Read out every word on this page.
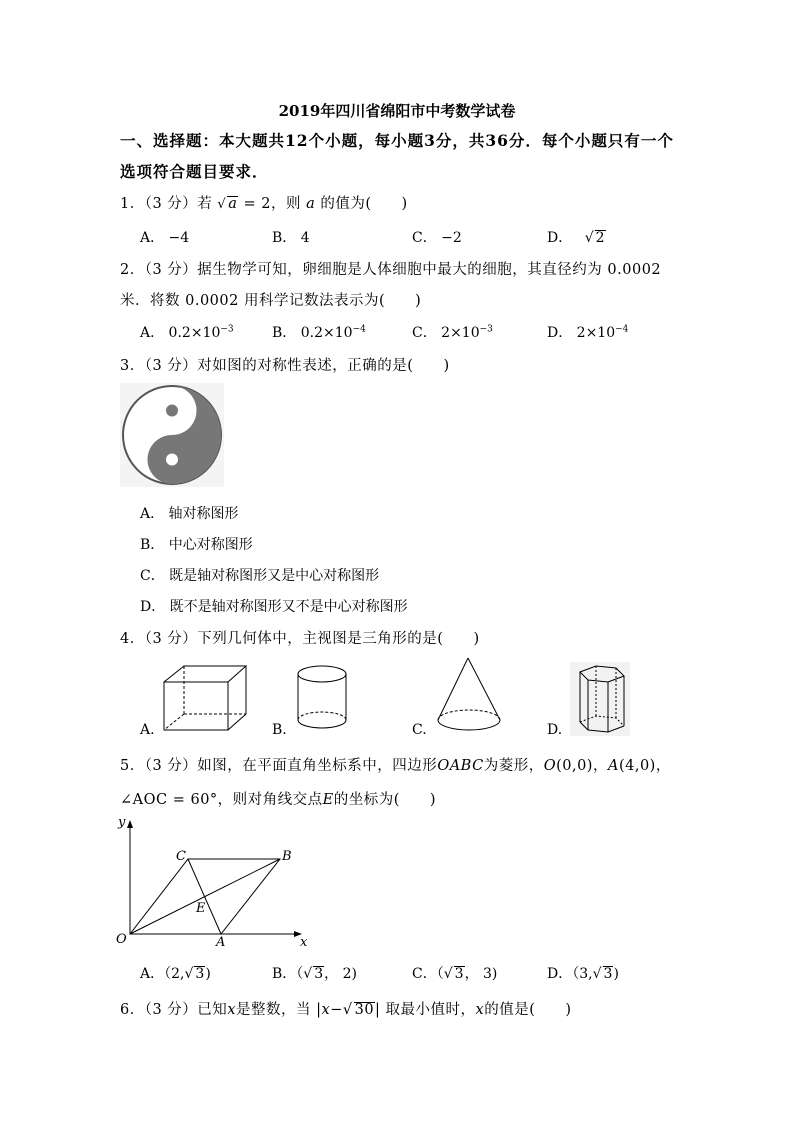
2019年四川省绵阳市中考数学试卷
一、选择题：本大题共12个小题，每小题3分，共36分．每个小题只有一个
选项符合题目要求．
1．（3 分）若 √ a = 2，则 a 的值为(　　)
A． −4	B． 4	C． −2	D． √ 2
2．（3 分）据生物学可知，卵细胞是人体细胞中最大的细胞，其直径约为 0.0002
米．将数 0.0002 用科学记数法表示为(　　)
A． $0.2\times 10^{-3}$	B． $0.2\times 10^{-4}$	C． $2\times 10^{-3}$	D． $2\times 10^{-4}$
3．（3 分）对如图的对称性表述，正确的是(　　)
A． 轴对称图形
B． 中心对称图形
C． 既是轴对称图形又是中心对称图形
D． 既不是轴对称图形又不是中心对称图形
4．（3 分）下列几何体中，主视图是三角形的是(　　)
A.	B.	C.	D.
5．（3 分）如图，在平面直角坐标系中，四边形OABC为菱形，O(0,0)，A(4,0)，
∠AOC = 60°，则对角线交点E的坐标为(　　)
y
x
O	A
B
C
E
A．（2,√ 3)	B．（√ 3， 2)	C．（√ 3， 3)	D．（3,√ 3)
6．（3 分）已知x是整数，当 |x−√ 30| 取最小值时，x的值是(　　)
